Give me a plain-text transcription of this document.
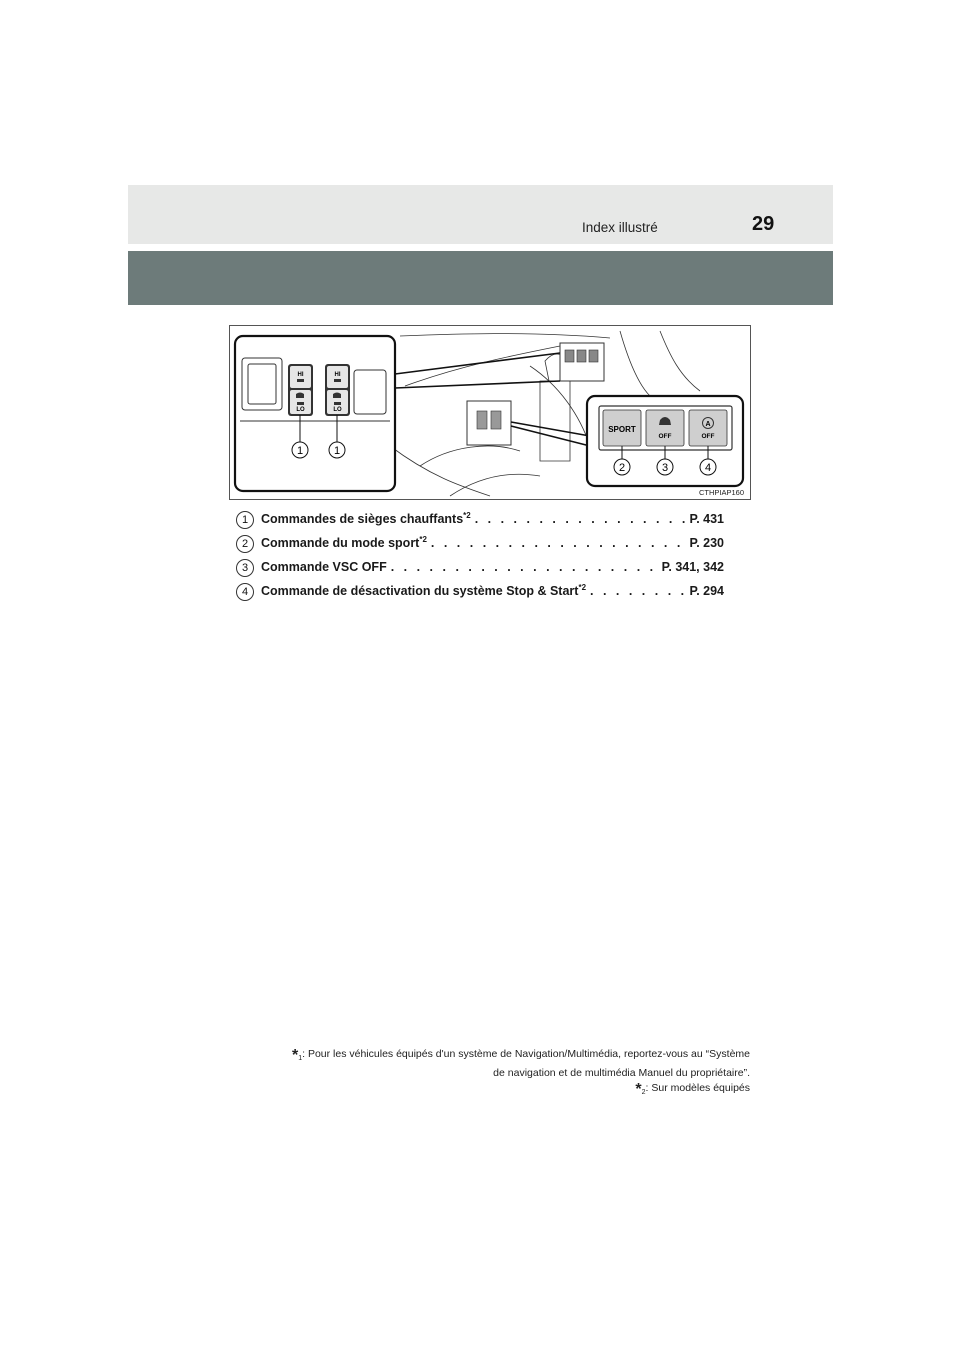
Index illustré	29
HI	HI
LO	LO
1	1
SPORT
OFF
A
OFF
2	3	4
CTHPIAP160
1	Commandes de sièges chauffants$^{*2}$ . . .	P. 431
2	Commande du mode sport$^{*2}$ . . .	P. 230
3	Commande VSC OFF . . .	P. 341, 342
4	Commande de désactivation du système Stop & Start$^{*2}$ . . .	P. 294
$*_1$: Pour les véhicules équipés d'un système de Navigation/Multimédia, reportez-vous au “Système
de navigation et de multimédia Manuel du propriétaire”.
$*_2$: Sur modèles équipés
